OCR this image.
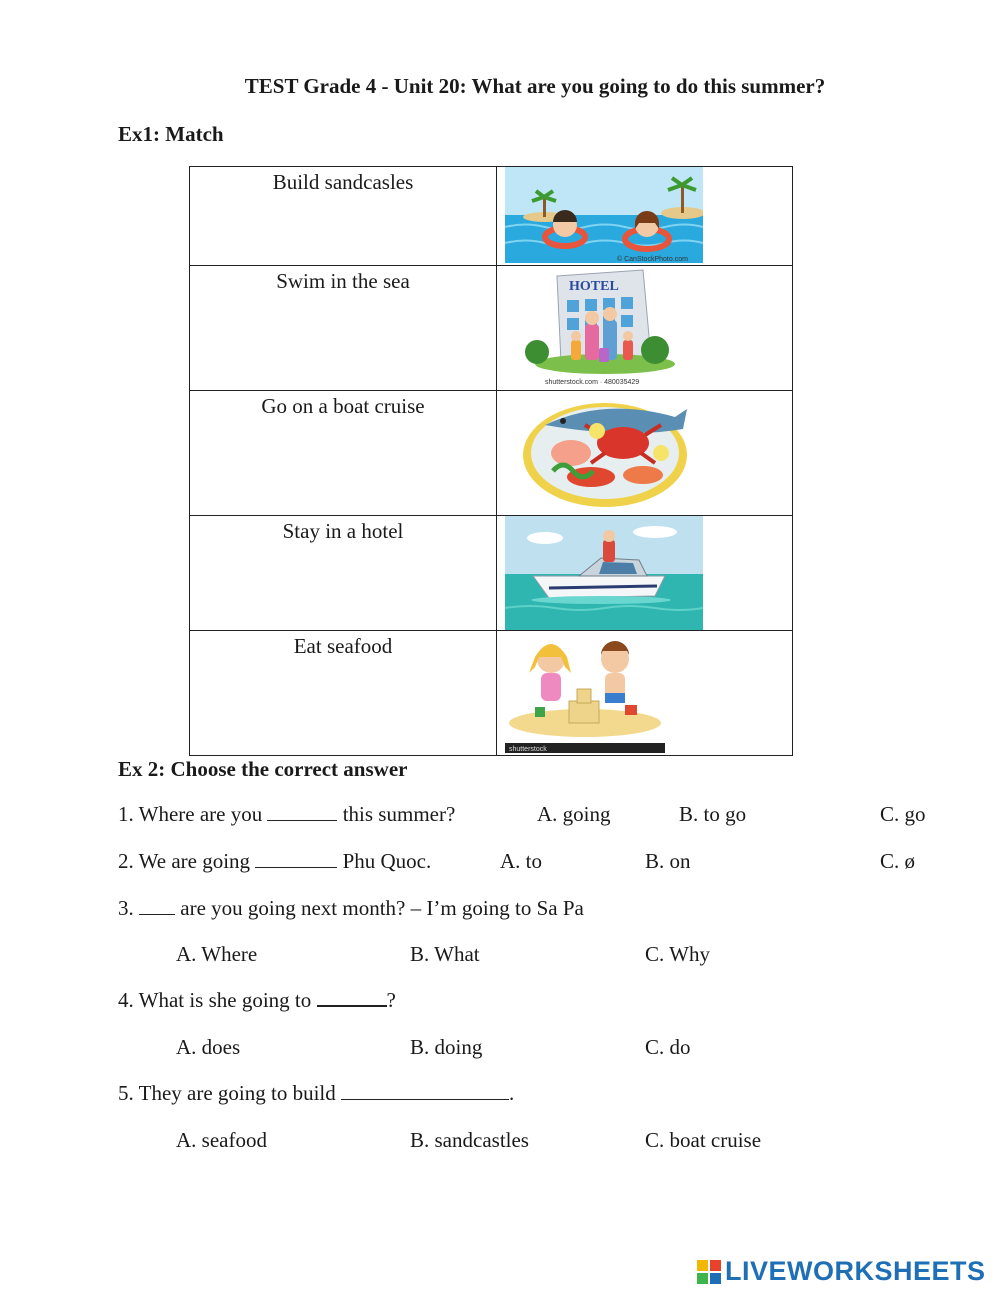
TEST Grade 4 - Unit 20: What are you going to do this summer?
Ex1: Match
Build sandcasles	© CanStockPhoto.com

Swim in the sea	HOTEL
shutterstock.com · 480035429

Go on a boat cruise	

Stay in a hotel	

Eat seafood	shutterstock
Ex 2: Choose the correct answer
1. Where are you	this summer?	A. going	B. to go	C. go
2. We are going	Phu Quoc.	A. to	B. on	C. ø
3.  are you going next month? – I’m going to Sa Pa
A. Where	B. What	C. Why
4. What is she going to	?
A. does	B. doing	C. do
5. They are going to build	.
A. seafood	B. sandcastles	C. boat cruise
LIVEWORKSHEETS
